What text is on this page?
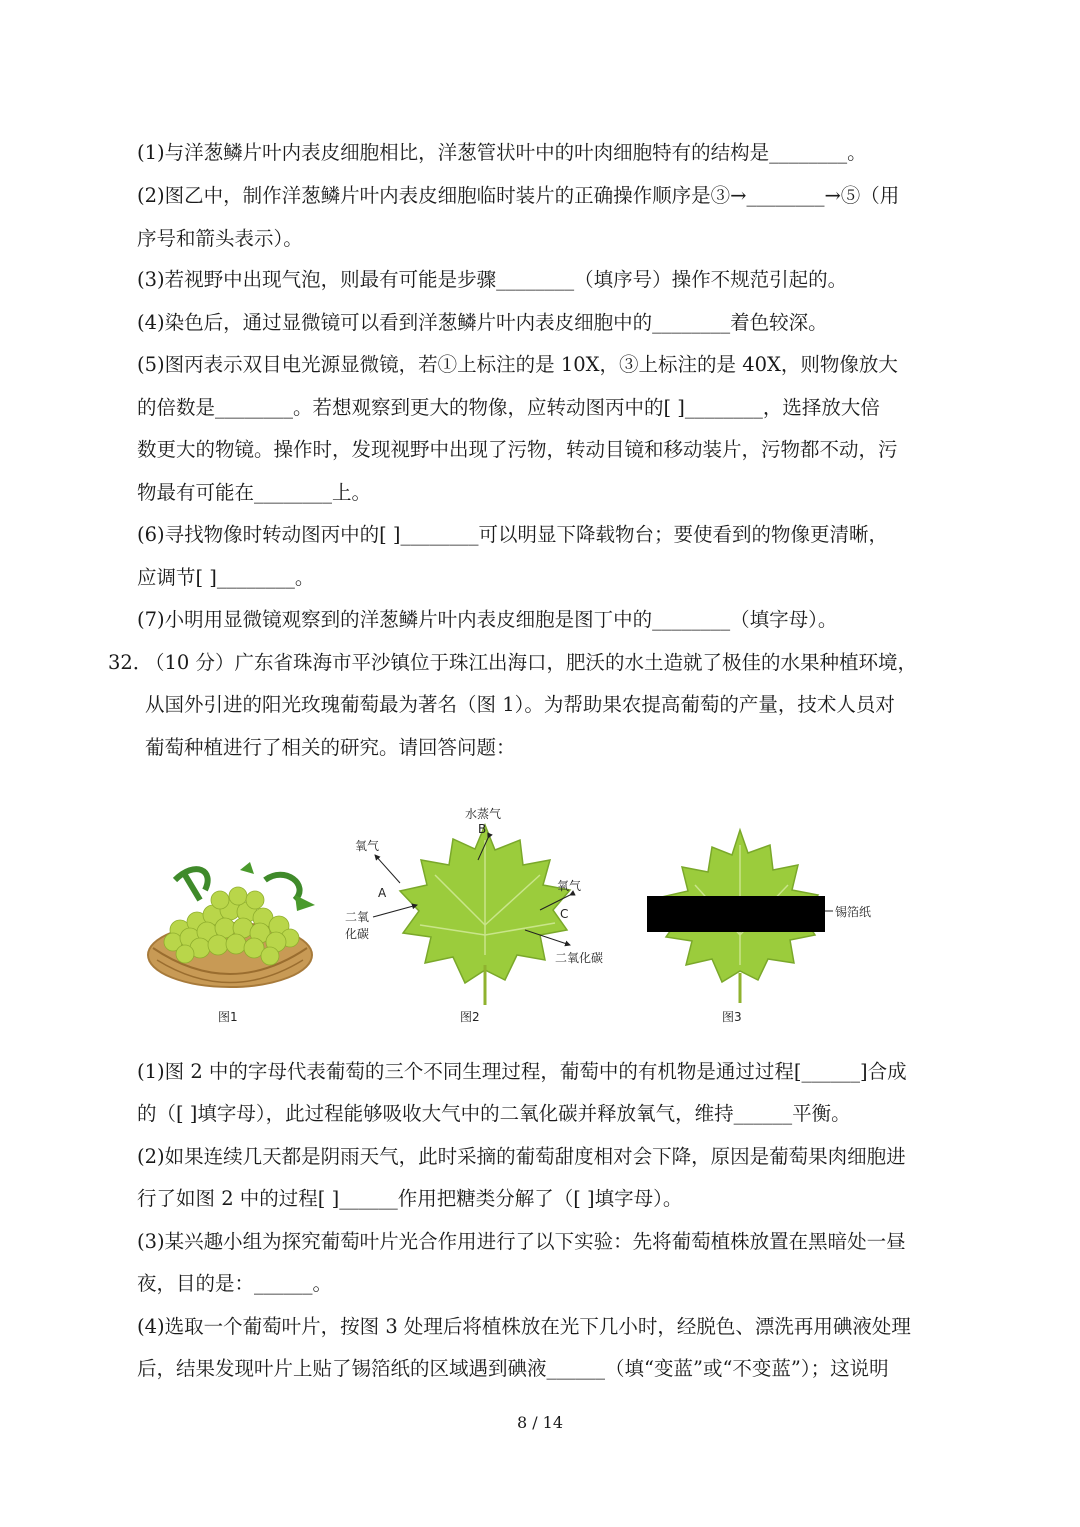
(1)与洋葱鳞片叶内表皮细胞相比，洋葱管状叶中的叶肉细胞特有的结构是________。
(2)图乙中，制作洋葱鳞片叶内表皮细胞临时装片的正确操作顺序是③→________→⑤（用
序号和箭头表示）。
(3)若视野中出现气泡，则最有可能是步骤________（填序号）操作不规范引起的。
(4)染色后，通过显微镜可以看到洋葱鳞片叶内表皮细胞中的________着色较深。
(5)图丙表示双目电光源显微镜，若①上标注的是 10X，③上标注的是 40X，则物像放大
的倍数是________。若想观察到更大的物像，应转动图丙中的[ ]________，选择放大倍
数更大的物镜。操作时，发现视野中出现了污物，转动目镜和移动装片，污物都不动，污
物最有可能在________上。
(6)寻找物像时转动图丙中的[ ]________可以明显下降载物台；要使看到的物像更清晰，
应调节[ ]________。
(7)小明用显微镜观察到的洋葱鳞片叶内表皮细胞是图丁中的________（填字母）。
32．
（10 分）广东省珠海市平沙镇位于珠江出海口，肥沃的水土造就了极佳的水果种植环境，
从国外引进的阳光玫瑰葡萄最为著名（图 1）。为帮助果农提高葡萄的产量，技术人员对
葡萄种植进行了相关的研究。请回答问题：
图1
水蒸气
B
氧气
A
二氧
化碳
氧气
C
二氧化碳
图2
锡箔纸
图3
(1)图 2 中的字母代表葡萄的三个不同生理过程，葡萄中的有机物是通过过程[______]合成
的（[ ]填字母），此过程能够吸收大气中的二氧化碳并释放氧气，维持______平衡。
(2)如果连续几天都是阴雨天气，此时采摘的葡萄甜度相对会下降，原因是葡萄果肉细胞进
行了如图 2 中的过程[ ]______作用把糖类分解了（[ ]填字母）。
(3)某兴趣小组为探究葡萄叶片光合作用进行了以下实验：先将葡萄植株放置在黑暗处一昼
夜，目的是：______。
(4)选取一个葡萄叶片，按图 3 处理后将植株放在光下几小时，经脱色、漂洗再用碘液处理
后，结果发现叶片上贴了锡箔纸的区域遇到碘液______（填“变蓝”或“不变蓝”）；这说明
8 / 14
